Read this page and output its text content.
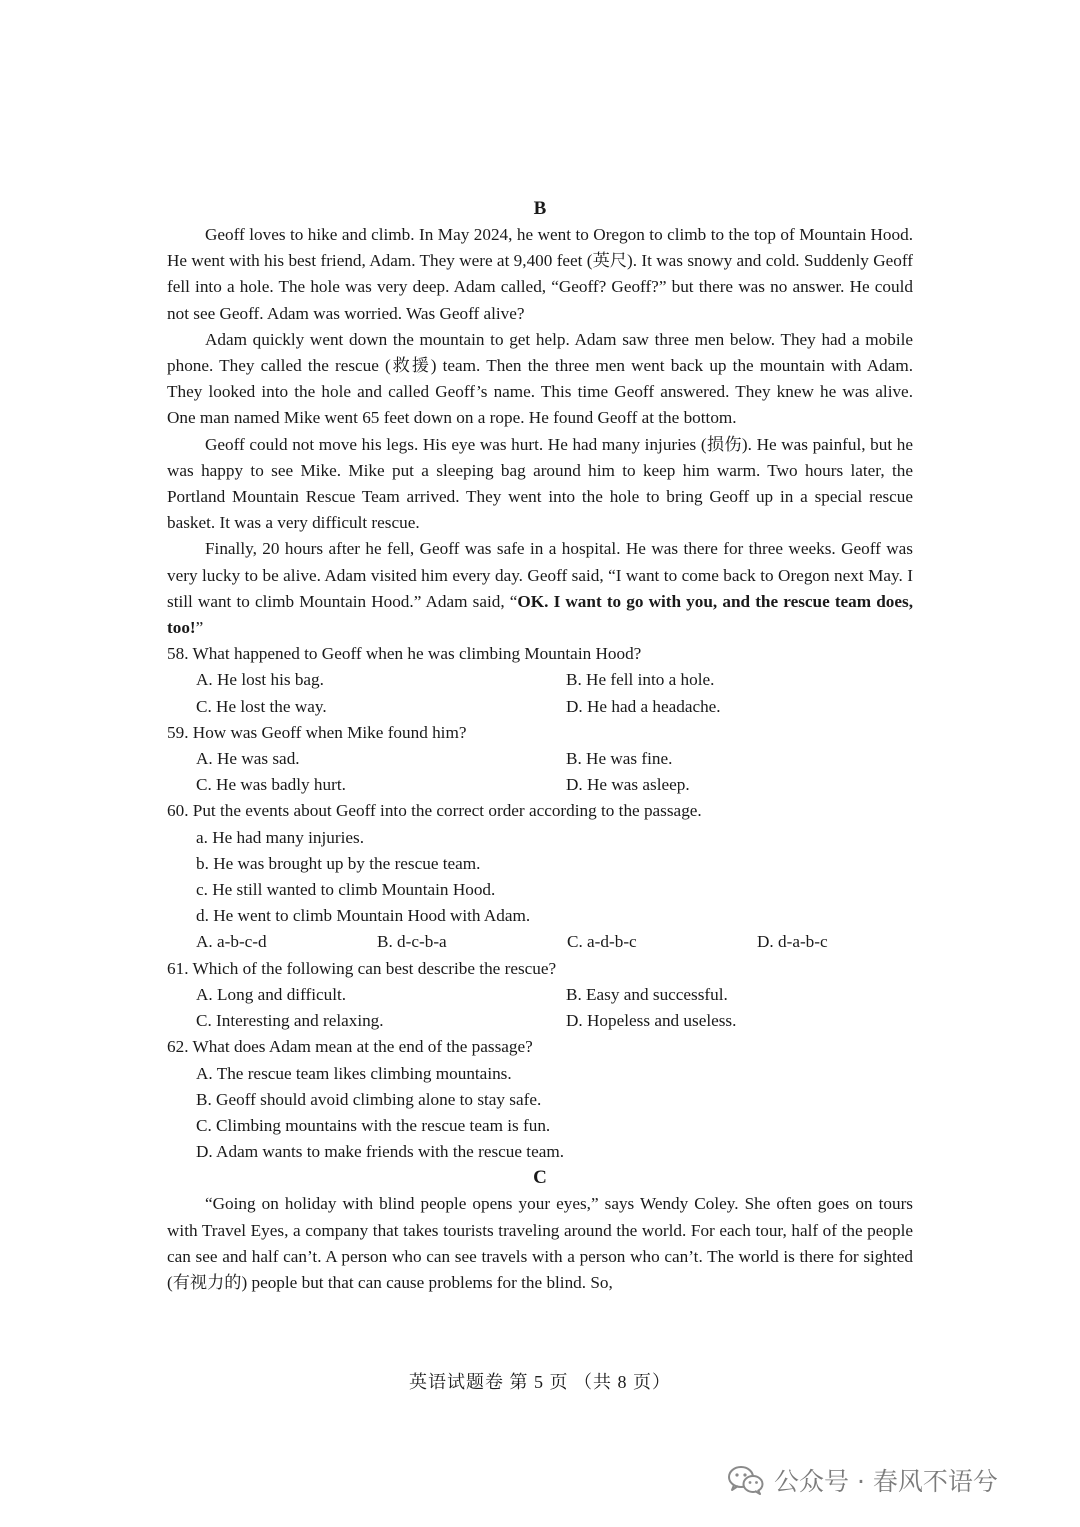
B

Geoff loves to hike and climb. In May 2024, he went to Oregon to climb to the top of Mountain Hood. He went with his best friend, Adam. They were at 9,400 feet (英尺). It was snowy and cold. Suddenly Geoff fell into a hole. The hole was very deep. Adam called, “Geoff? Geoff?” but there was no answer. He could not see Geoff. Adam was worried. Was Geoff alive?

Adam quickly went down the mountain to get help. Adam saw three men below. They had a mobile phone. They called the rescue (救援) team. Then the three men went back up the mountain with Adam. They looked into the hole and called Geoff’s name. This time Geoff answered. They knew he was alive. One man named Mike went 65 feet down on a rope. He found Geoff at the bottom.

Geoff could not move his legs. His eye was hurt. He had many injuries (损伤). He was painful, but he was happy to see Mike. Mike put a sleeping bag around him to keep him warm. Two hours later, the Portland Mountain Rescue Team arrived. They went into the hole to bring Geoff up in a special rescue basket. It was a very difficult rescue.

Finally, 20 hours after he fell, Geoff was safe in a hospital. He was there for three weeks. Geoff was very lucky to be alive. Adam visited him every day. Geoff said, “I want to come back to Oregon next May. I still want to climb Mountain Hood.” Adam said, “OK. I want to go with you, and the rescue team does, too!”

58. What happened to Geoff when he was climbing Mountain Hood?
A. He lost his bag.	B. He fell into a hole.
C. He lost the way.	D. He had a headache.
59. How was Geoff when Mike found him?
A. He was sad.	B. He was fine.
C. He was badly hurt.	D. He was asleep.
60. Put the events about Geoff into the correct order according to the passage.
a. He had many injuries.
b. He was brought up by the rescue team.
c. He still wanted to climb Mountain Hood.
d. He went to climb Mountain Hood with Adam.
A. a-b-c-d	B. d-c-b-a	C. a-d-b-c	D. d-a-b-c
61. Which of the following can best describe the rescue?
A. Long and difficult.	B. Easy and successful.
C. Interesting and relaxing.	D. Hopeless and useless.
62. What does Adam mean at the end of the passage?
A. The rescue team likes climbing mountains.
B. Geoff should avoid climbing alone to stay safe.
C. Climbing mountains with the rescue team is fun.
D. Adam wants to make friends with the rescue team.
C

“Going on holiday with blind people opens your eyes,” says Wendy Coley. She often goes on tours with Travel Eyes, a company that takes tourists traveling around the world. For each tour, half of the people can see and half can’t. A person who can see travels with a person who can’t. The world is there for sighted (有视力的) people but that can cause problems for the blind. So,

英语试题卷 第 5 页 （共 8 页）
公众号 · 春风不语兮
